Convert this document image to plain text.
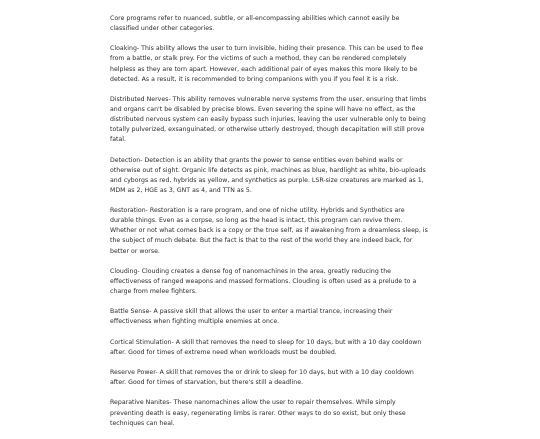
Core programs refer to nuanced, subtle, or all-encompassing abilities which cannot easily be classified under other categories.

Cloaking- This ability allows the user to turn invisible, hiding their presence. This can be used to flee from a battle, or stalk prey. For the victims of such a method, they can be rendered completely helpless as they are torn apart. However, each additional pair of eyes makes this more likely to be detected. As a result, it is recommended to bring companions with you if you feel it is a risk.

Distributed Nerves- This ability removes vulnerable nerve systems from the user, ensuring that limbs and organs can't be disabled by precise blows. Even severing the spine will have no effect, as the distributed nervous system can easily bypass such injuries, leaving the user vulnerable only to being totally pulverized, exsanguinated, or otherwise utterly destroyed, though decapitation will still prove fatal.

Detection- Detection is an ability that grants the power to sense entities even behind walls or otherwise out of sight. Organic life detects as pink, machines as blue, hardlight as white, bio-uploads and cyborgs as red, hybrids as yellow, and synthetics as purple. LSR-size creatures are marked as 1, MDM as 2, HGE as 3, GNT as 4, and TTN as 5.

Restoration- Restoration is a rare program, and one of niche utility. Hybrids and Synthetics are durable things. Even as a corpse, so long as the head is intact, this program can revive them. Whether or not what comes back is a copy or the true self, as if awakening from a dreamless sleep, is the subject of much debate. But the fact is that to the rest of the world they are indeed back, for better or worse.

Clouding- Clouding creates a dense fog of nanomachines in the area, greatly reducing the effectiveness of ranged weapons and massed formations. Clouding is often used as a prelude to a charge from melee fighters.

Battle Sense- A passive skill that allows the user to enter a martial trance, increasing their effectiveness when fighting multiple enemies at once.

Cortical Stimulation- A skill that removes the need to sleep for 10 days, but with a 10 day cooldown after. Good for times of extreme need when workloads must be doubled.

Reserve Power- A skill that removes the or drink to sleep for 10 days, but with a 10 day cooldown after. Good for times of starvation, but there's still a deadline.

Reparative Nanites- These nanomachines allow the user to repair themselves. While simply preventing death is easy, regenerating limbs is rarer. Other ways to do so exist, but only these techniques can heal.
